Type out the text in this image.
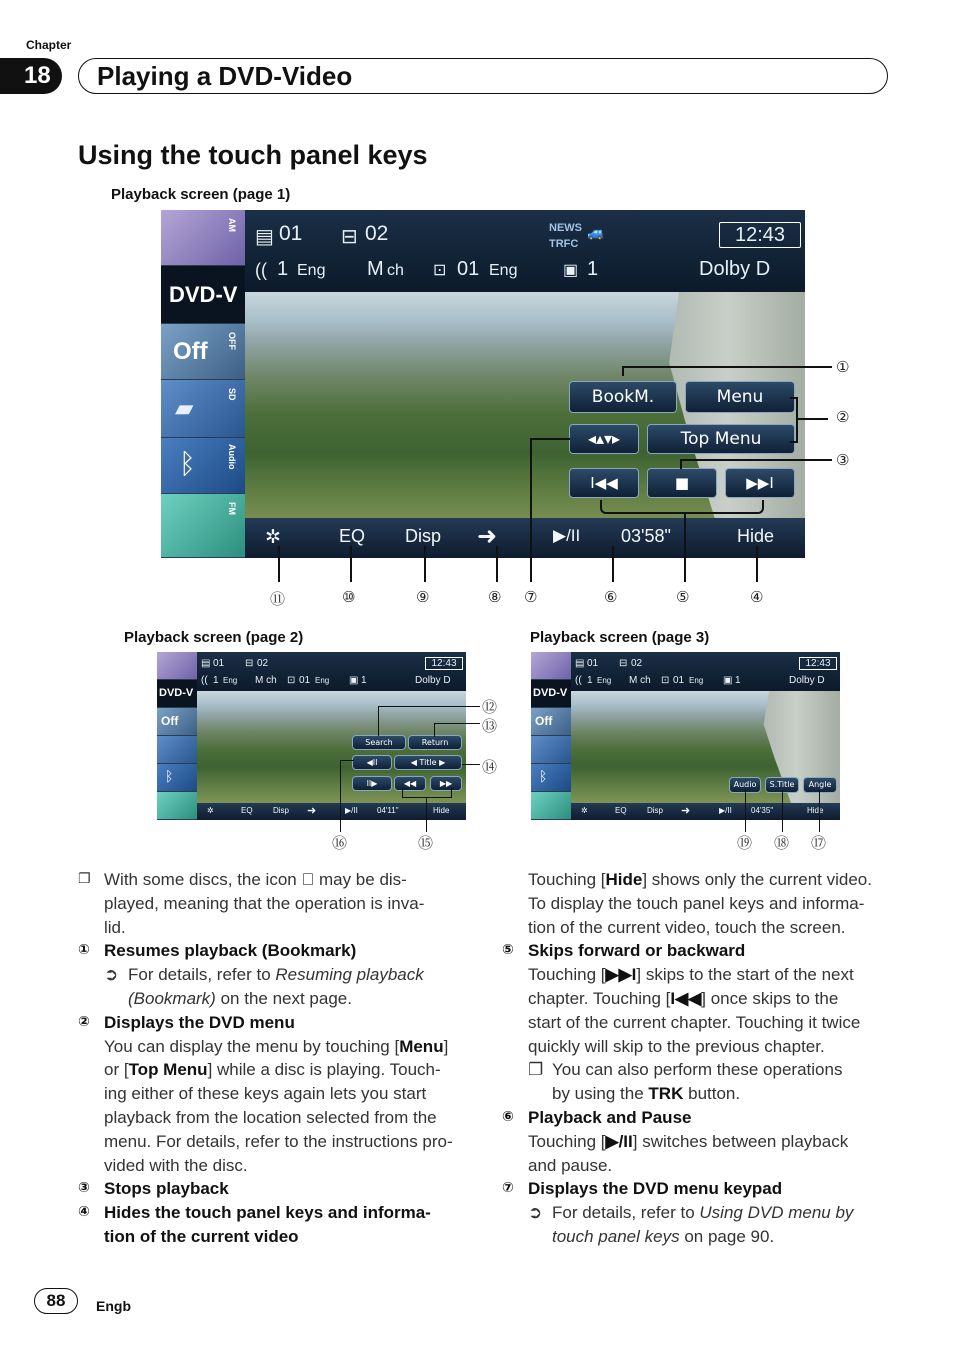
Chapter
18	Playing a DVD-Video
Using the touch panel keys
Playback screen (page 1)
▤ 01 ⊟ 02
(( 1 Eng M ch ⊡ 01 Eng	▣ 1
NEWS
TRFC
🚙	12:43
Dolby D
AM
DVD-V
Off OFF
▰
SD
ᛒ	Audio
FM
BookM.	Menu
◂▴▾▸	Top Menu
I◀◀	■	▶▶I
✲	EQ Disp ➜	▶/II 03'58"	Hide
①
②
③
⑪	⑩	⑨	⑧ ⑦	⑥	⑤	④
Playback screen (page 2)
▤ 01 ⊟ 02
(( 1 Eng M ch ⊡ 01 Eng ▣ 1
12:43
Dolby D
DVD-V
Off
ᛒ
Search	Return
◀II	◀ Title ▶
II▶	◀◀	▶▶
✲	EQ	Disp ➜	▶/II 04'11"	Hide
⑫
⑬
⑭
⑯	⑮
Playback screen (page 3)
▤ 01 ⊟ 02
(( 1 Eng M ch ⊡ 01 Eng ▣ 1
12:43
Dolby D
DVD-V
Off
ᛒ
Audio	S.Title	Angle
✲	EQ	Disp ➜	▶/II 04'35"	Hide
⑲ ⑱ ⑰
❐ With some discs, the icon may be dis-
played, meaning that the operation is inva-
lid.
① Resumes playback (Bookmark)
➲ For details, refer to Resuming playback
(Bookmark) on the next page.
② Displays the DVD menu
You can display the menu by touching [Menu]
or [Top Menu] while a disc is playing. Touch-
ing either of these keys again lets you start
playback from the location selected from the
menu. For details, refer to the instructions pro-
vided with the disc.
③ Stops playback
④ Hides the touch panel keys and informa-
tion of the current video
Touching [Hide] shows only the current video.
To display the touch panel keys and informa-
tion of the current video, touch the screen.
⑤ Skips forward or backward
Touching [▶▶I] skips to the start of the next
chapter. Touching [I◀◀] once skips to the
start of the current chapter. Touching it twice
quickly will skip to the previous chapter.
❐ You can also perform these operations
by using the TRK button.
⑥ Playback and Pause
Touching [▶/II] switches between playback
and pause.
⑦ Displays the DVD menu keypad
➲ For details, refer to Using DVD menu by
touch panel keys on page 90.
88	Engb
